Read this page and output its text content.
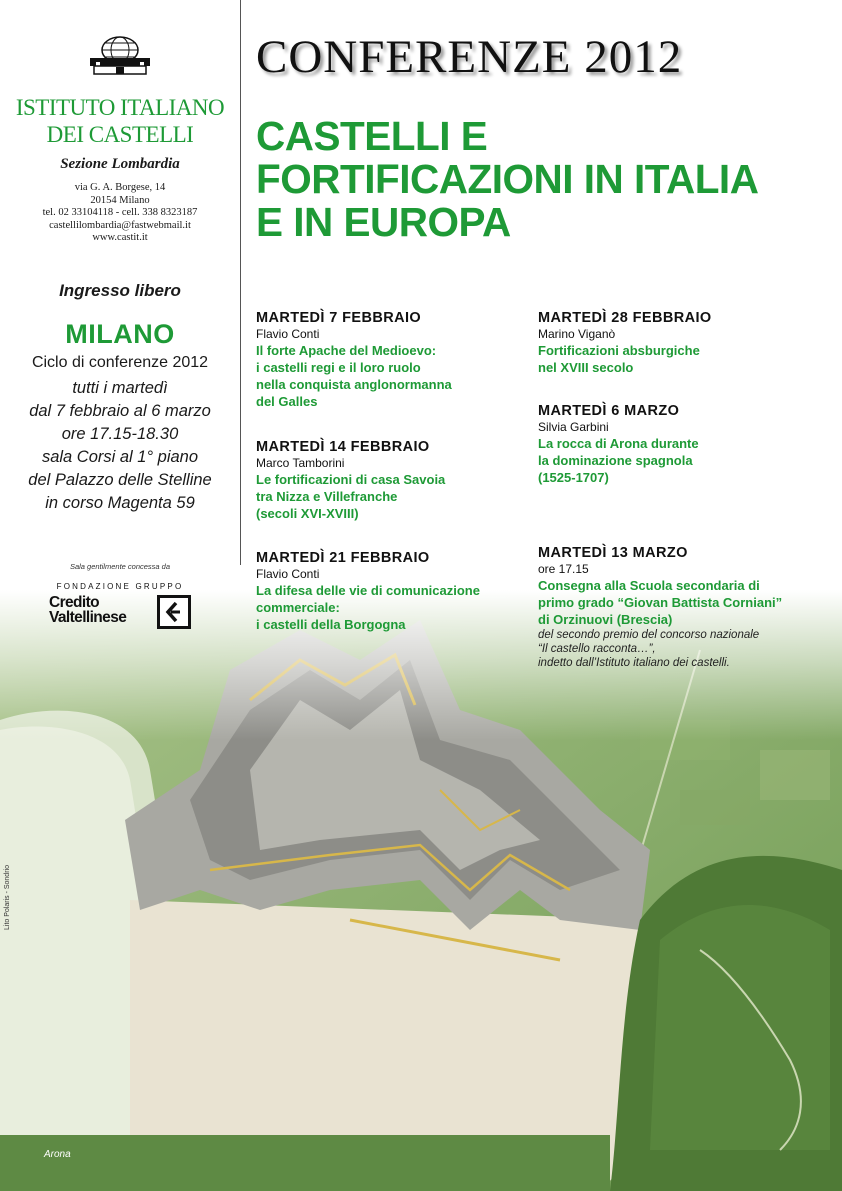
ISTITUTO ITALIANO
DEI CASTELLI
Sezione Lombardia
via G. A. Borgese, 14
20154 Milano
tel. 02 33104118 - cell. 338 8323187
castellilombardia@fastwebmail.it
www.castit.it
Ingresso libero
MILANO
Ciclo di conferenze 2012
tutti i martedì
dal 7 febbraio al 6 marzo
ore 17.15-18.30
sala Corsi al 1° piano
del Palazzo delle Stelline
in corso Magenta 59
Sala gentilmente concessa da
FONDAZIONE GRUPPO
Credito
Valtellinese
CONFERENZE 2012
CASTELLI E
FORTIFICAZIONI IN ITALIA
E IN EUROPA
MARTEDÌ 7 FEBBRAIO
Flavio Conti
Il forte Apache del Medioevo:
i castelli regi e il loro ruolo
nella conquista anglonormanna
del Galles
MARTEDÌ 14 FEBBRAIO
Marco Tamborini
Le fortificazioni di casa Savoia
tra Nizza e Villefranche
(secoli XVI-XVIII)
MARTEDÌ 21 FEBBRAIO
Flavio Conti
La difesa delle vie di comunicazione
commerciale:
i castelli della Borgogna
MARTEDÌ 28 FEBBRAIO
Marino Viganò
Fortificazioni absburgiche
nel XVIII secolo
MARTEDÌ 6 MARZO
Silvia Garbini
La rocca di Arona durante
la dominazione spagnola
(1525-1707)
MARTEDÌ 13 MARZO
ore 17.15
Consegna alla Scuola secondaria di
primo grado “Giovan Battista Corniani”
di Orzinuovi (Brescia)
del secondo premio del concorso nazionale
“Il castello racconta…”,
indetto dall’Istituto italiano dei castelli.
Arona
